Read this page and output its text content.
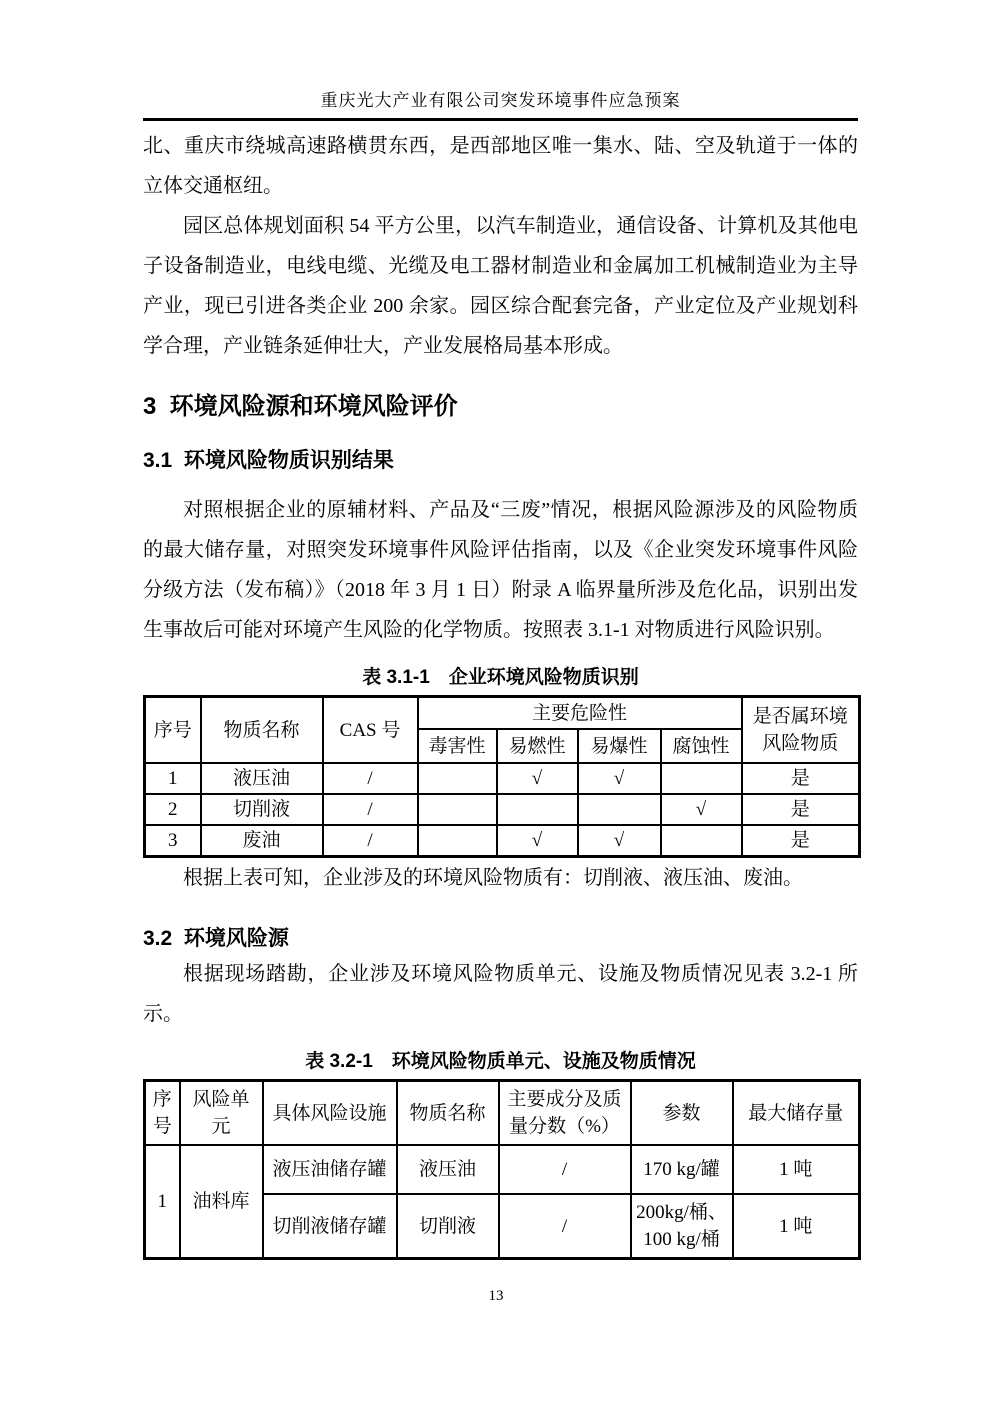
重庆光大产业有限公司突发环境事件应急预案

北、重庆市绕城高速路横贯东西，是西部地区唯一集水、陆、空及轨道于一体的立体交通枢纽。

园区总体规划面积 54 平方公里，以汽车制造业，通信设备、计算机及其他电子设备制造业，电线电缆、光缆及电工器材制造业和金属加工机械制造业为主导产业，现已引进各类企业 200 余家。园区综合配套完备，产业定位及产业规划科学合理，产业链条延伸壮大，产业发展格局基本形成。

3  环境风险源和环境风险评价
3.1  环境风险物质识别结果

对照根据企业的原辅材料、产品及“三废”情况，根据风险源涉及的风险物质的最大储存量，对照突发环境事件风险评估指南，以及《企业突发环境事件风险分级方法（发布稿）》（2018 年 3 月 1 日）附录 A 临界量所涉及危化品，识别出发生事故后可能对环境产生风险的化学物质。按照表 3.1-1 对物质进行风险识别。

表 3.1-1　企业环境风险物质识别
序号	物质名称	CAS 号	主要危险性				是否属环境风险物质
			毒害性	易燃性	易爆性	腐蚀性	
1	液压油	/		√	√		是
2	切削液	/				√	是
3	废油	/		√	√		是

根据上表可知，企业涉及的环境风险物质有：切削液、液压油、废油。

3.2  环境风险源

根据现场踏勘，企业涉及环境风险物质单元、设施及物质情况见表 3.2-1 所示。

表 3.2-1　环境风险物质单元、设施及物质情况
序号	风险单元	具体风险设施	物质名称	主要成分及质量分数（%）	参数	最大储存量
1	油料库	液压油储存罐	液压油	/	170 kg/罐	1 吨
		切削液储存罐	切削液	/	200kg/桶、100 kg/桶	1 吨
13
